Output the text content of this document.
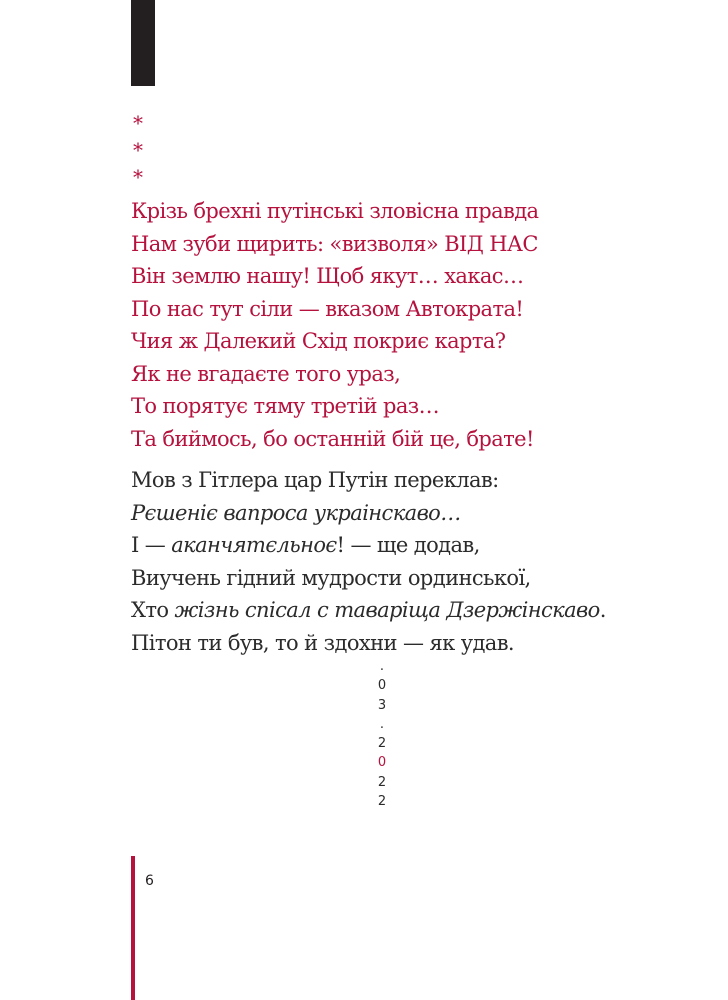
*
*
*
Крізь брехні путінські зловісна правда
Нам зуби щирить: «визволя» ВІД НАС
Він землю нашу! Щоб якут… хакас…
По нас тут сіли — вказом Автократа!
Чия ж Далекий Схід покриє карта?
Як не вгадаєте того ураз,
То порятує тяму третій раз…
Та биймось, бо останній бій це, брате!
Мов з Гітлера цар Путін переклав:
Рєшеніє вапроса украінскаво…
І — аканчятєльноє! — ще додав,
Виучень гідний мудрости ординської,
Хто жізнь спісал с таваріща Дзержінскаво.
Пітон ти був, то й здохни — як удав.
.
0
3
.
2
0
2
2
6
